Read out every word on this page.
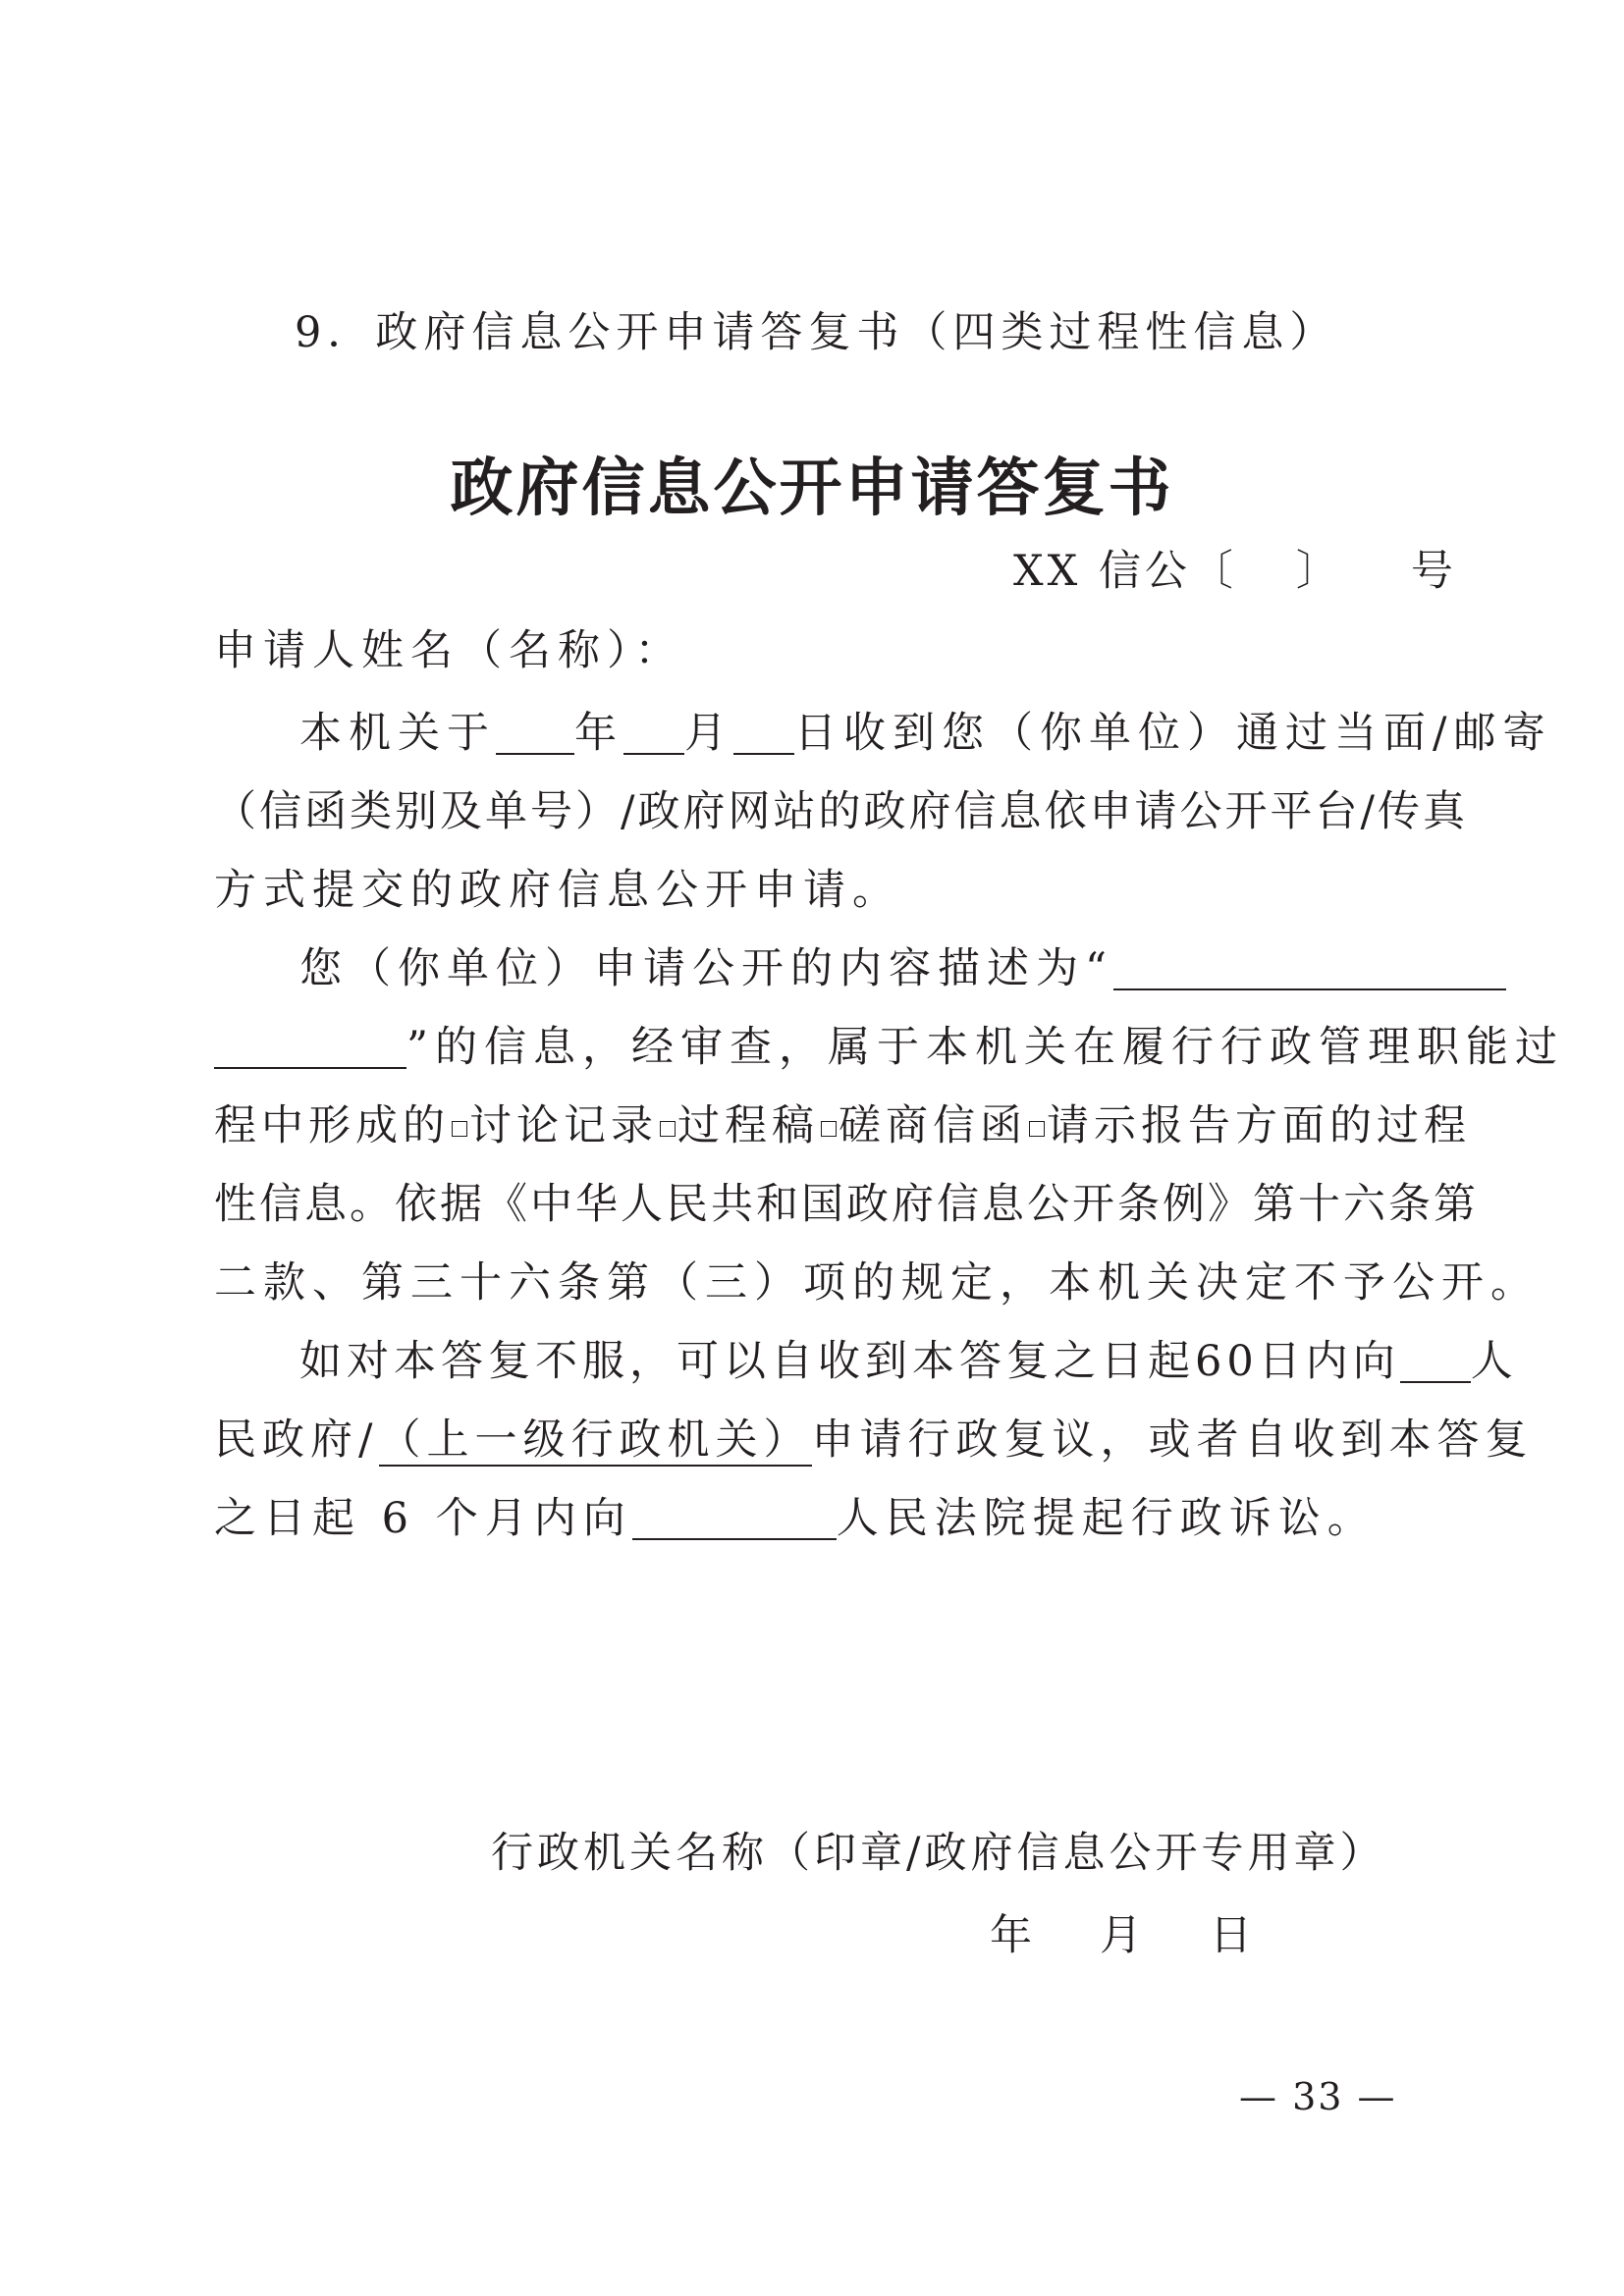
9．政府信息公开申请答复书（四类过程性信息）
政府信息公开申请答复书
XX 信公〔 〕 号
申请人姓名（名称）：
本机关于 年 月 日收到您（你单位）通过当面/邮寄
（信函类别及单号）/政府网站的政府信息依申请公开平台/传真
方式提交的政府信息公开申请。
您（你单位）申请公开的内容描述为“
”的信息，经审查，属于本机关在履行行政管理职能过
程中形成的 讨论记录 过程稿 磋商信函 请示报告方面的过程
性信息。依据《中华人民共和国政府信息公开条例》第十六条第
二款、第三十六条第（三）项的规定，本机关决定不予公开。
如对本答复不服，可以自收到本答复之日起60日内向 人
民政府/（上一级行政机关）申请行政复议，或者自收到本答复
之日起 6 个月内向	人民法院提起行政诉讼。
行政机关名称（印章/政府信息公开专用章）
年 月 日
— 33 —
